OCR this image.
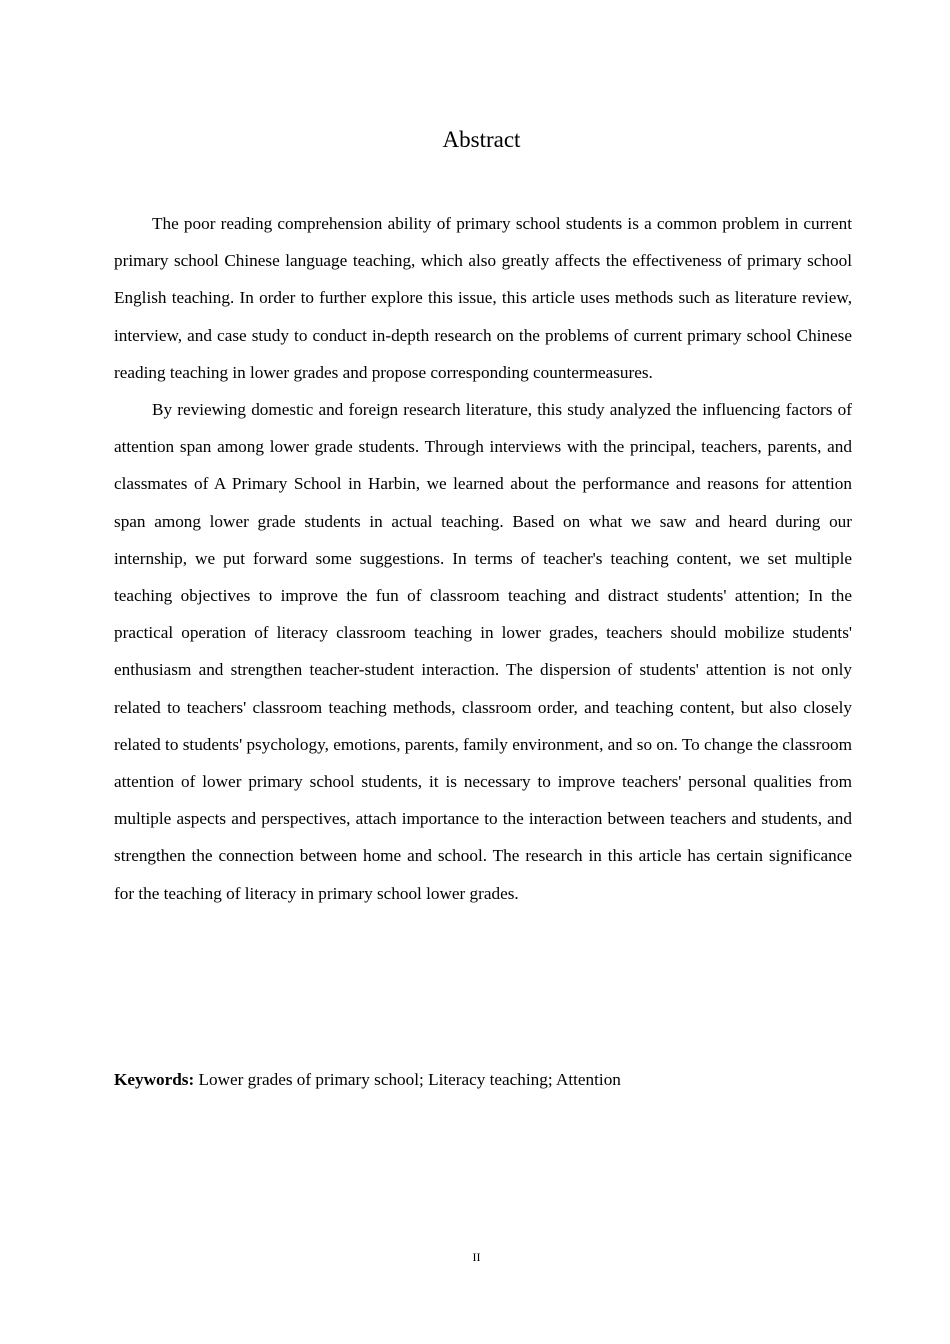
Abstract

The poor reading comprehension ability of primary school students is a common problem in current primary school Chinese language teaching, which also greatly affects the effectiveness of primary school English teaching. In order to further explore this issue, this article uses methods such as literature review, interview, and case study to conduct in-depth research on the problems of current primary school Chinese reading teaching in lower grades and propose corresponding countermeasures.

By reviewing domestic and foreign research literature, this study analyzed the influencing factors of attention span among lower grade students. Through interviews with the principal, teachers, parents, and classmates of A Primary School in Harbin, we learned about the performance and reasons for attention span among lower grade students in actual teaching. Based on what we saw and heard during our internship, we put forward some suggestions. In terms of teacher's teaching content, we set multiple teaching objectives to improve the fun of classroom teaching and distract students' attention; In the practical operation of literacy classroom teaching in lower grades, teachers should mobilize students' enthusiasm and strengthen teacher-student interaction. The dispersion of students' attention is not only related to teachers' classroom teaching methods, classroom order, and teaching content, but also closely related to students' psychology, emotions, parents, family environment, and so on. To change the classroom attention of lower primary school students, it is necessary to improve teachers' personal qualities from multiple aspects and perspectives, attach importance to the interaction between teachers and students, and strengthen the connection between home and school. The research in this article has certain significance for the teaching of literacy in primary school lower grades.

Keywords: Lower grades of primary school; Literacy teaching; Attention
II
